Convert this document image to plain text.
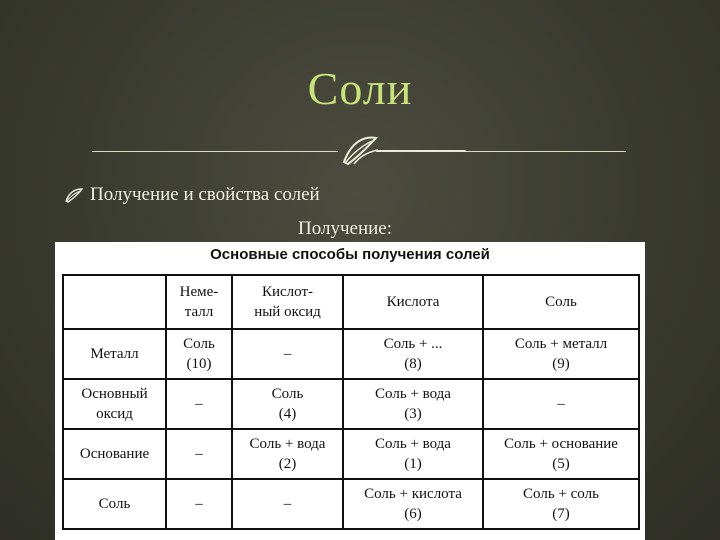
Соли
Получение и свойства солей
Получение:
Основные способы получения солей

	Неме-
талл	Кислот-
ный оксид	Кислота	Соль

Металл	Соль
(10)	–	Соль + ...
(8)	Соль + металл
(9)

Основный оксид	–	Соль
(4)	Соль + вода
(3)	–

Основание	–	Соль + вода
(2)	Соль + вода
(1)	Соль + основание
(5)

Соль	–	–	Соль + кислота
(6)	Соль + соль
(7)
